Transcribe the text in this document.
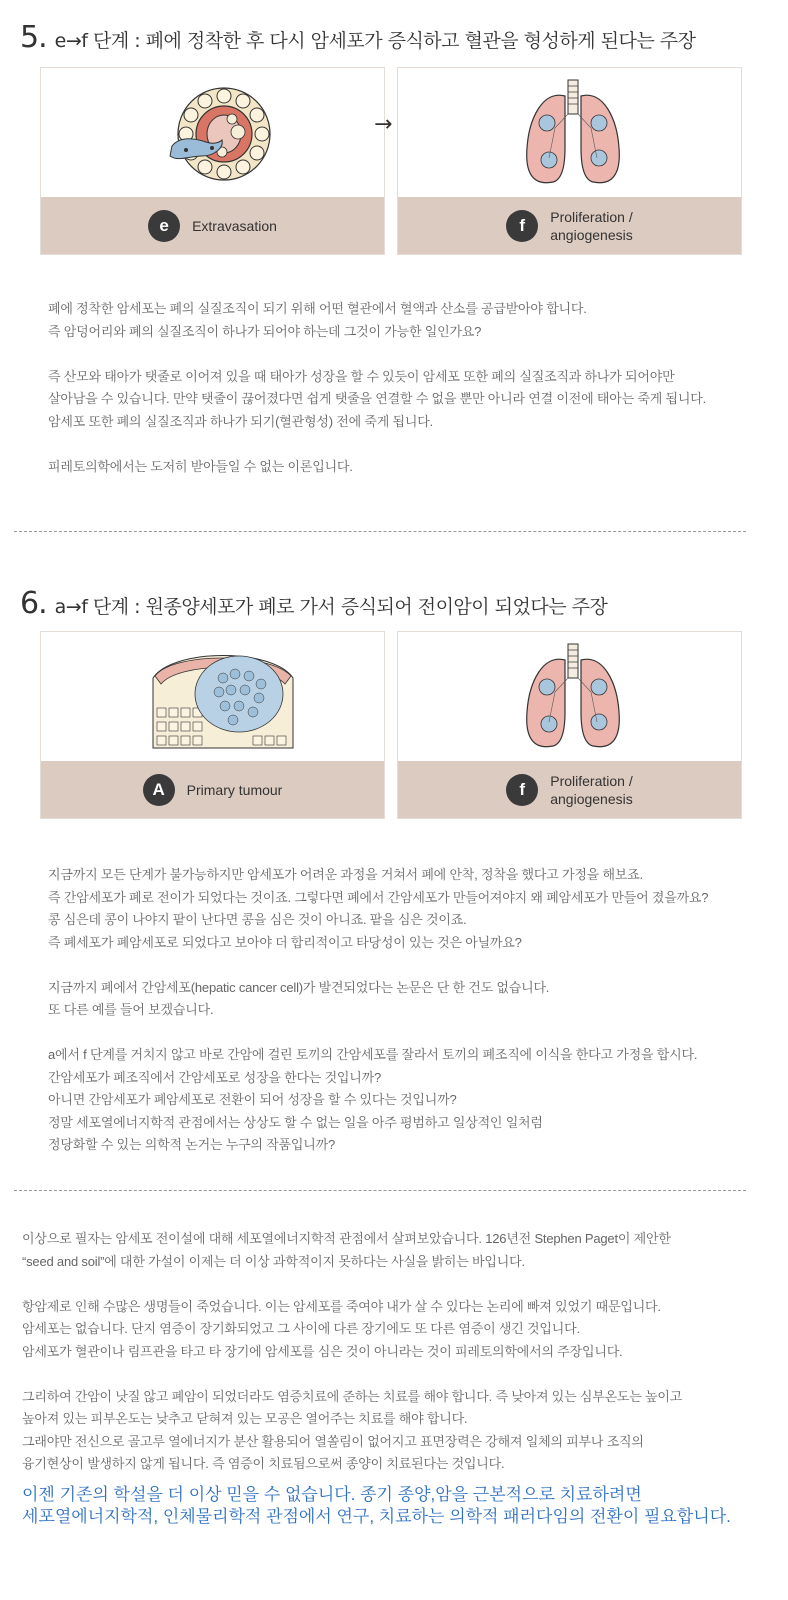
5. e→f 단계 : 폐에 정착한 후 다시 암세포가 증식하고 혈관을 형성하게 된다는 주장
e	Extravasation
→
f	Proliferation /
angiogenesis
폐에 정착한 암세포는 폐의 실질조직이 되기 위해 어떤 혈관에서 혈액과 산소를 공급받아야 합니다.
즉 암덩어리와 폐의 실질조직이 하나가 되어야 하는데 그것이 가능한 일인가요?

즉 산모와 태아가 탯줄로 이어져 있을 때 태아가 성장을 할 수 있듯이 암세포 또한 폐의 실질조직과 하나가 되어야만
살아남을 수 있습니다. 만약 탯줄이 끊어졌다면 쉽게 탯줄을 연결할 수 없을 뿐만 아니라 연결 이전에 태아는 죽게 됩니다.
암세포 또한 폐의 실질조직과 하나가 되기(혈관형성) 전에 죽게 됩니다.

피레토의학에서는 도저히 받아들일 수 없는 이론입니다.
6. a→f 단계 : 원종양세포가 폐로 가서 증식되어 전이암이 되었다는 주장
A	Primary tumour	f	Proliferation /
angiogenesis
지금까지 모든 단계가 불가능하지만 암세포가 어려운 과정을 거쳐서 폐에 안착, 정착을 했다고 가정을 해보죠.
즉 간암세포가 폐로 전이가 되었다는 것이죠. 그렇다면 폐에서 간암세포가 만들어져야지 왜 폐암세포가 만들어 졌을까요?
콩 심은데 콩이 나야지 팥이 난다면 콩을 심은 것이 아니죠. 팥을 심은 것이죠.
즉 폐세포가 폐암세포로 되었다고 보아야 더 합리적이고 타당성이 있는 것은 아닐까요?

지금까지 폐에서 간암세포(hepatic cancer cell)가 발견되었다는 논문은 단 한 건도 없습니다.
또 다른 예를 들어 보겠습니다.

a에서 f 단계를 거치지 않고 바로 간암에 걸린 토끼의 간암세포를 잘라서 토끼의 폐조직에 이식을 한다고 가정을 합시다.
간암세포가 폐조직에서 간암세포로 성장을 한다는 것입니까?
아니면 간암세포가 폐암세포로 전환이 되어 성장을 할 수 있다는 것입니까?
정말 세포열에너지학적 관점에서는 상상도 할 수 없는 일을 아주 평범하고 일상적인 일처럼
정당화할 수 있는 의학적 논거는 누구의 작품입니까?
이상으로 필자는 암세포 전이설에 대해 세포열에너지학적 관점에서 살펴보았습니다. 126년전 Stephen Paget이 제안한
“seed and soil”에 대한 가설이 이제는 더 이상 과학적이지 못하다는 사실을 밝히는 바입니다.

항암제로 인해 수많은 생명들이 죽었습니다. 이는 암세포를 죽여야 내가 살 수 있다는 논리에 빠져 있었기 때문입니다.
암세포는 없습니다. 단지 염증이 장기화되었고 그 사이에 다른 장기에도 또 다른 염증이 생긴 것입니다.
암세포가 혈관이나 림프관을 타고 타 장기에 암세포를 심은 것이 아니라는 것이 피레토의학에서의 주장입니다.

그리하여 간암이 낫질 않고 폐암이 되었더라도 염증치료에 준하는 치료를 해야 합니다. 즉 낮아져 있는 심부온도는 높이고
높아져 있는 피부온도는 낮추고 닫혀져 있는 모공은 열어주는 치료를 해야 합니다.
그래야만 전신으로 골고루 열에너지가 분산 활용되어 열쏠림이 없어지고 표면장력은 강해져 일체의 피부나 조직의
융기현상이 발생하지 않게 됩니다. 즉 염증이 치료됨으로써 종양이 치료된다는 것입니다.
이젠 기존의 학설을 더 이상 믿을 수 없습니다. 종기 종양,암을 근본적으로 치료하려면
세포열에너지학적, 인체물리학적 관점에서 연구, 치료하는 의학적 패러다임의 전환이 필요합니다.
